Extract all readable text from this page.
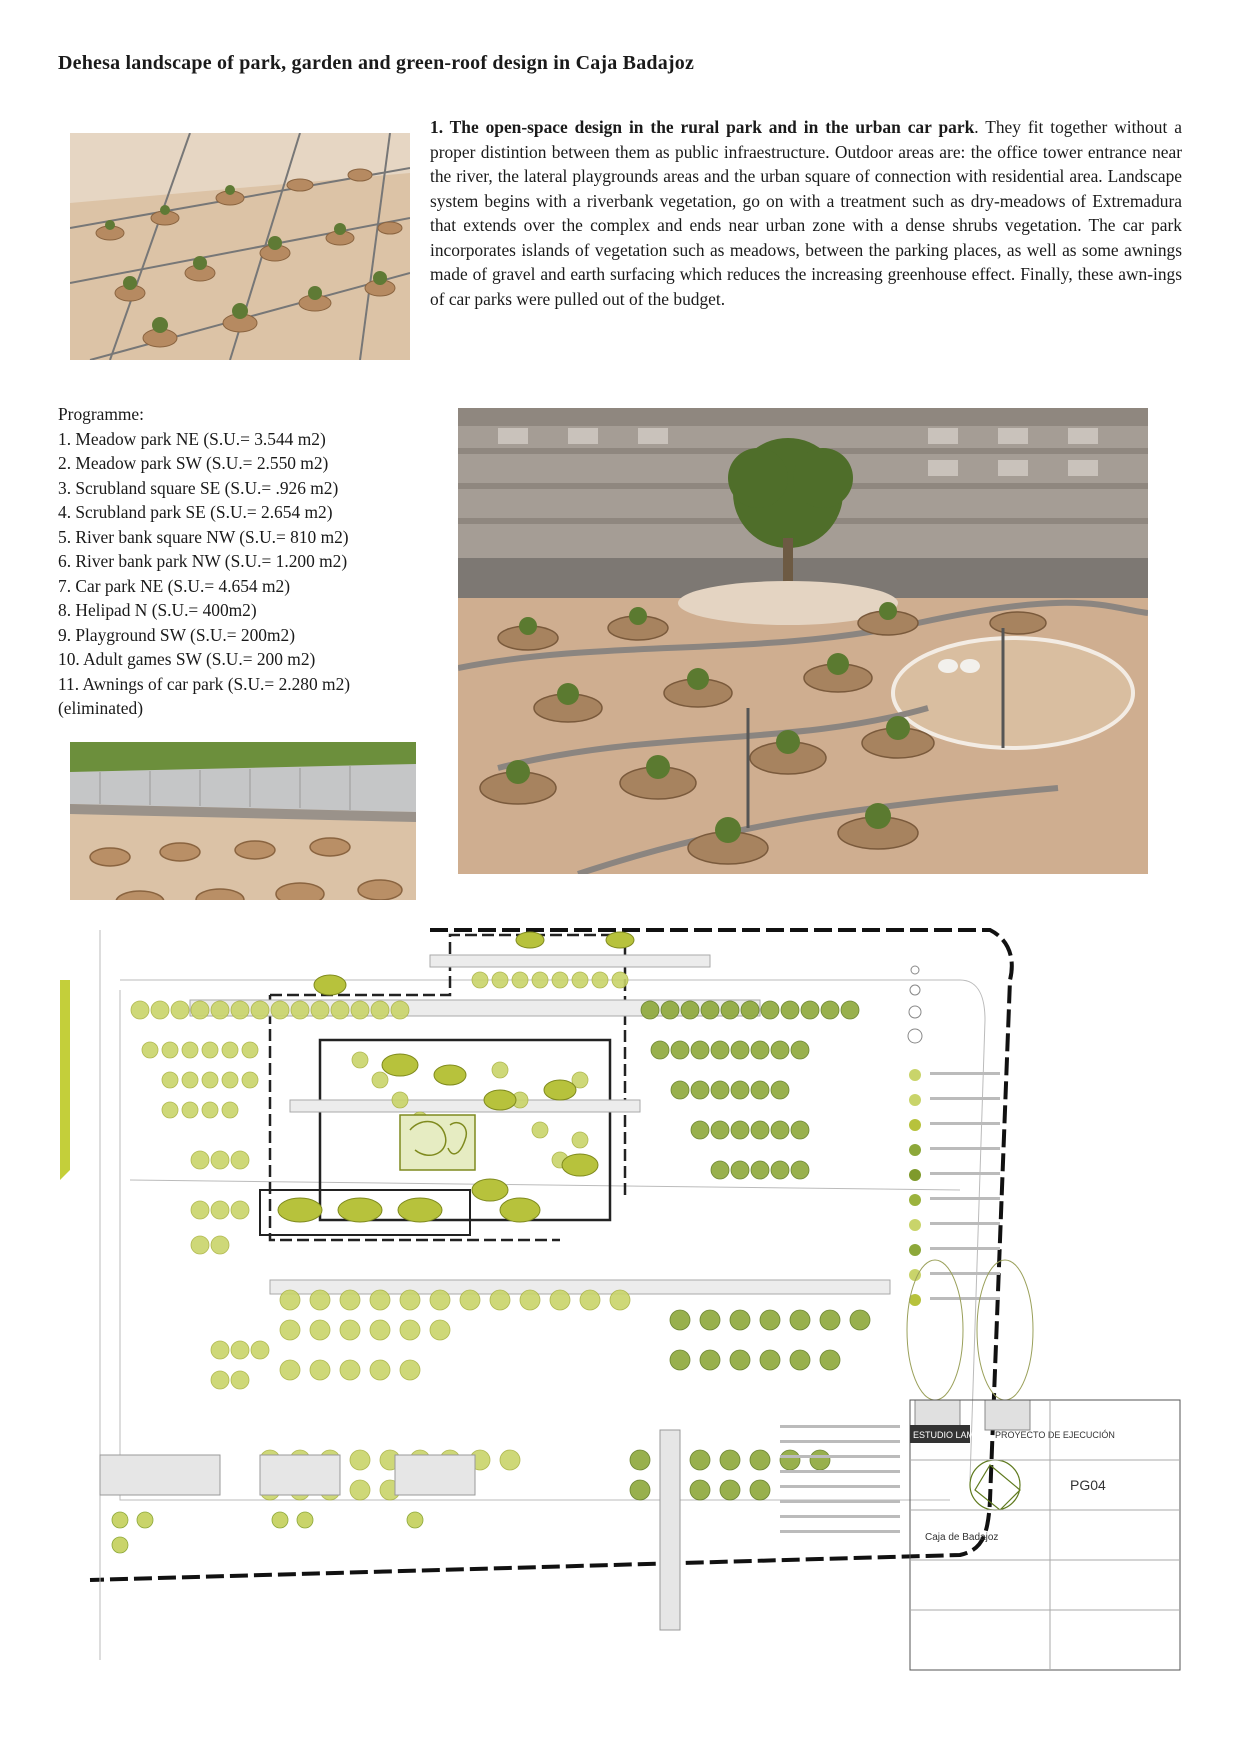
Dehesa landscape of park, garden and green-roof design in Caja Badajoz
1. The open-space design in the rural park and in the urban car park. They fit together without a proper distintion between them as public infraestructure. Outdoor areas are: the office tower entrance near the river, the lateral playgrounds areas and the urban square of connection with residential area. Landscape system begins with a riverbank vegetation, go on with a treatment such as dry-meadows of Extremadura that extends over the complex and ends near urban zone with a dense shrubs vegetation. The car park incorporates islands of vegetation such as meadows, between the parking places, as well as some awnings made of gravel and earth surfacing which reduces the increasing greenhouse effect. Finally, these awn-ings of car parks were pulled out of the budget.
Programme:
1. Meadow park NE (S.U.= 3.544 m2)
2. Meadow park SW (S.U.= 2.550 m2)
3. Scrubland square SE (S.U.= .926 m2)
4. Scrubland park SE (S.U.= 2.654 m2)
5. River bank square NW (S.U.= 810 m2)
6. River bank park NW (S.U.= 1.200 m2)
7. Car park NE (S.U.= 4.654 m2)
8. Helipad N (S.U.= 400m2)
9. Playground SW (S.U.= 200m2)
10. Adult games SW (S.U.= 200 m2)
11. Awnings of car park (S.U.= 2.280 m2)
(eliminated)
ESTUDIO LAMELA PROYECTO DE EJECUCIÓN
PG04
Caja de Badajoz
